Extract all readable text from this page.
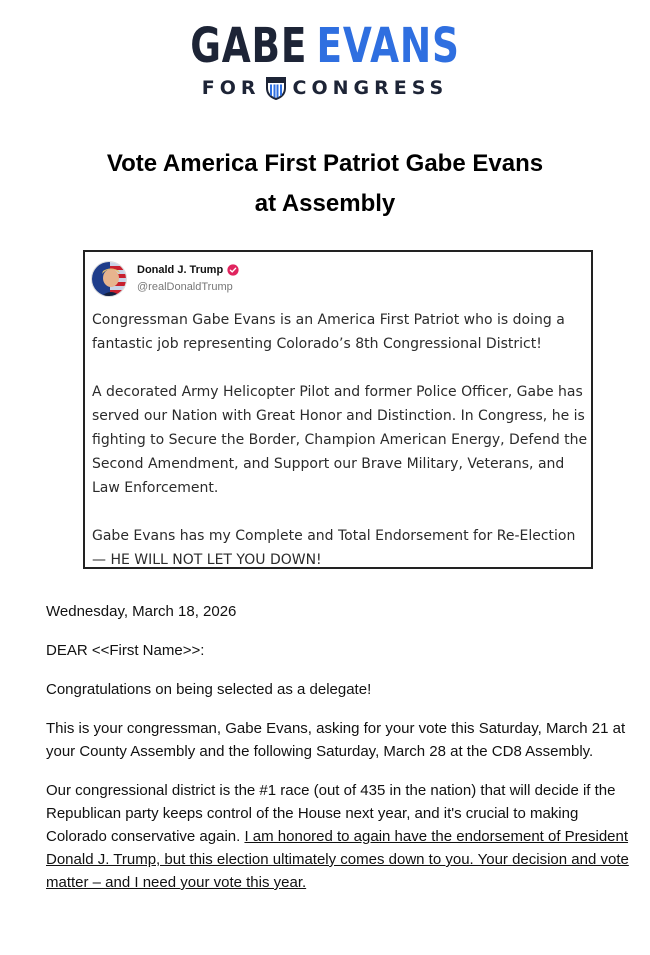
GABE EVANS
FOR CONGRESS
Vote America First Patriot Gabe Evans
at Assembly
Donald J. Trump
@realDonaldTrump

Congressman Gabe Evans is an America First Patriot who is doing a fantastic job representing Colorado’s 8th Congressional District!

A decorated Army Helicopter Pilot and former Police Officer, Gabe has served our Nation with Great Honor and Distinction. In Congress, he is fighting to Secure the Border, Champion American Energy, Defend the Second Amendment, and Support our Brave Military, Veterans, and Law Enforcement.

Gabe Evans has my Complete and Total Endorsement for Re-Election — HE WILL NOT LET YOU DOWN!

Wednesday, March 18, 2026

DEAR <<First Name>>:

Congratulations on being selected as a delegate!

This is your congressman, Gabe Evans, asking for your vote this Saturday, March 21 at your County Assembly and the following Saturday, March 28 at the CD8 Assembly.

Our congressional district is the #1 race (out of 435 in the nation) that will decide if the Republican party keeps control of the House next year, and it's crucial to making Colorado conservative again. I am honored to again have the endorsement of President Donald J. Trump, but this election ultimately comes down to you. Your decision and vote matter – and I need your vote this year.
